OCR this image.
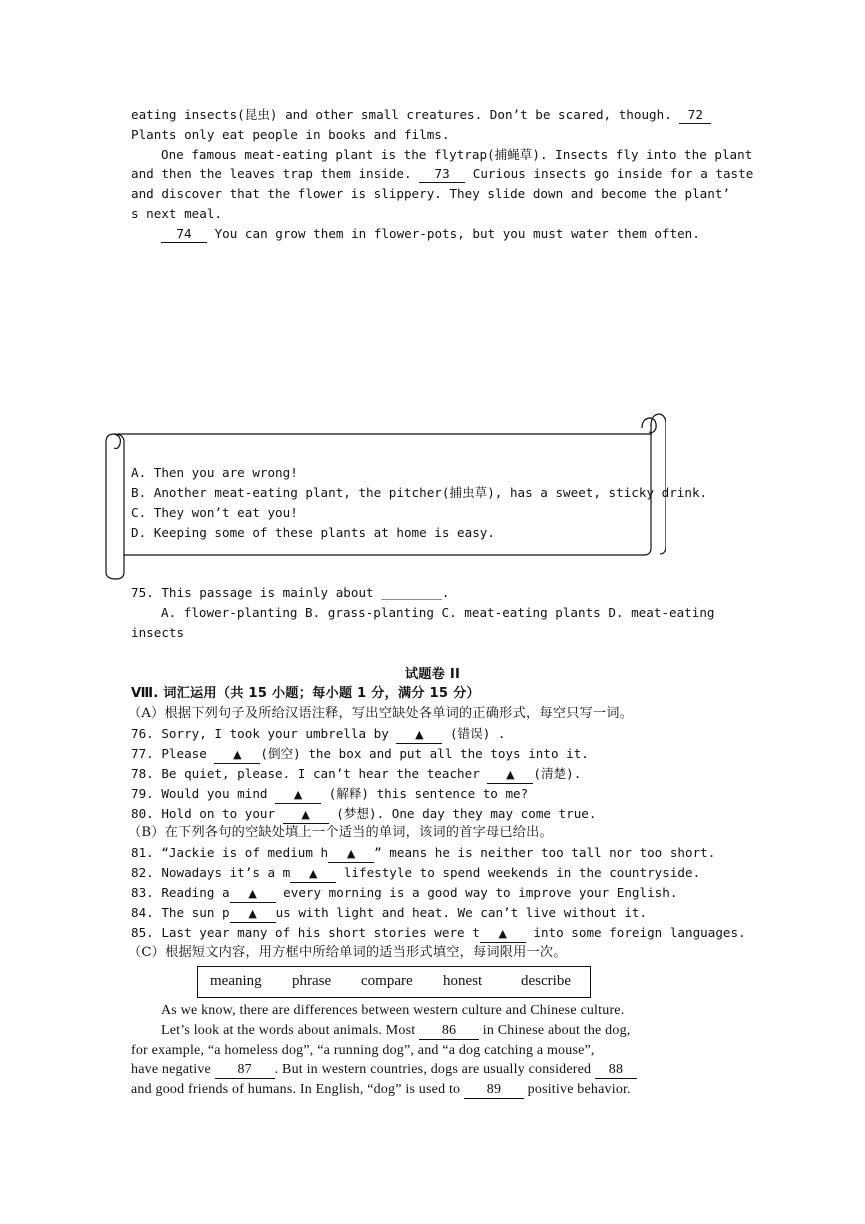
eating insects(昆虫) and other small creatures. Don’t be scared, though. 72
Plants only eat people in books and films.
One famous meat-eating plant is the flytrap(捕蝇草). Insects fly into the plant
and then the leaves trap them inside. 73 Curious insects go inside for a taste
and discover that the flower is slippery. They slide down and become the plant’
s next meal.
74 You can grow them in flower-pots, but you must water them often.
A. Then you are wrong!
B. Another meat-eating plant, the pitcher(捕虫草), has a sweet, sticky drink.
C. They won’t eat you!
D. Keeping some of these plants at home is easy.
75. This passage is mainly about ________.
A. flower-planting B. grass-planting C. meat-eating plants D. meat-eating
insects
试题卷 II
Ⅷ. 词汇运用（共 15 小题；每小题 1 分，满分 15 分）
（A）根据下列句子及所给汉语注释，写出空缺处各单词的正确形式，每空只写一词。
76. Sorry, I took your umbrella by ▲ (错误) .
77. Please ▲ (倒空) the box and put all the toys into it.
78. Be quiet, please. I can’t hear the teacher ▲ (清楚).
79. Would you mind ▲ (解释) this sentence to me?
80. Hold on to your ▲ (梦想). One day they may come true.
（B）在下列各句的空缺处填上一个适当的单词，该词的首字母已给出。
81. “Jackie is of medium h ▲ ” means he is neither too tall nor too short.
82. Nowadays it’s a m ▲ lifestyle to spend weekends in the countryside.
83. Reading a ▲ every morning is a good way to improve your English.
84. The sun p ▲ us with light and heat. We can’t live without it.
85. Last year many of his short stories were t ▲ into some foreign languages.
（C）根据短文内容，用方框中所给单词的适当形式填空，每词限用一次。
meaning phrase compare honest	describe
As we know, there are differences between western culture and Chinese culture.
Let’s look at the words about animals. Most 86 in Chinese about the dog,
for example, “a homeless dog”, “a running dog”, and “a dog catching a mouse”,
have negative 87 . But in western countries, dogs are usually considered 88
and good friends of humans. In English, “dog” is used to 89 positive behavior.
